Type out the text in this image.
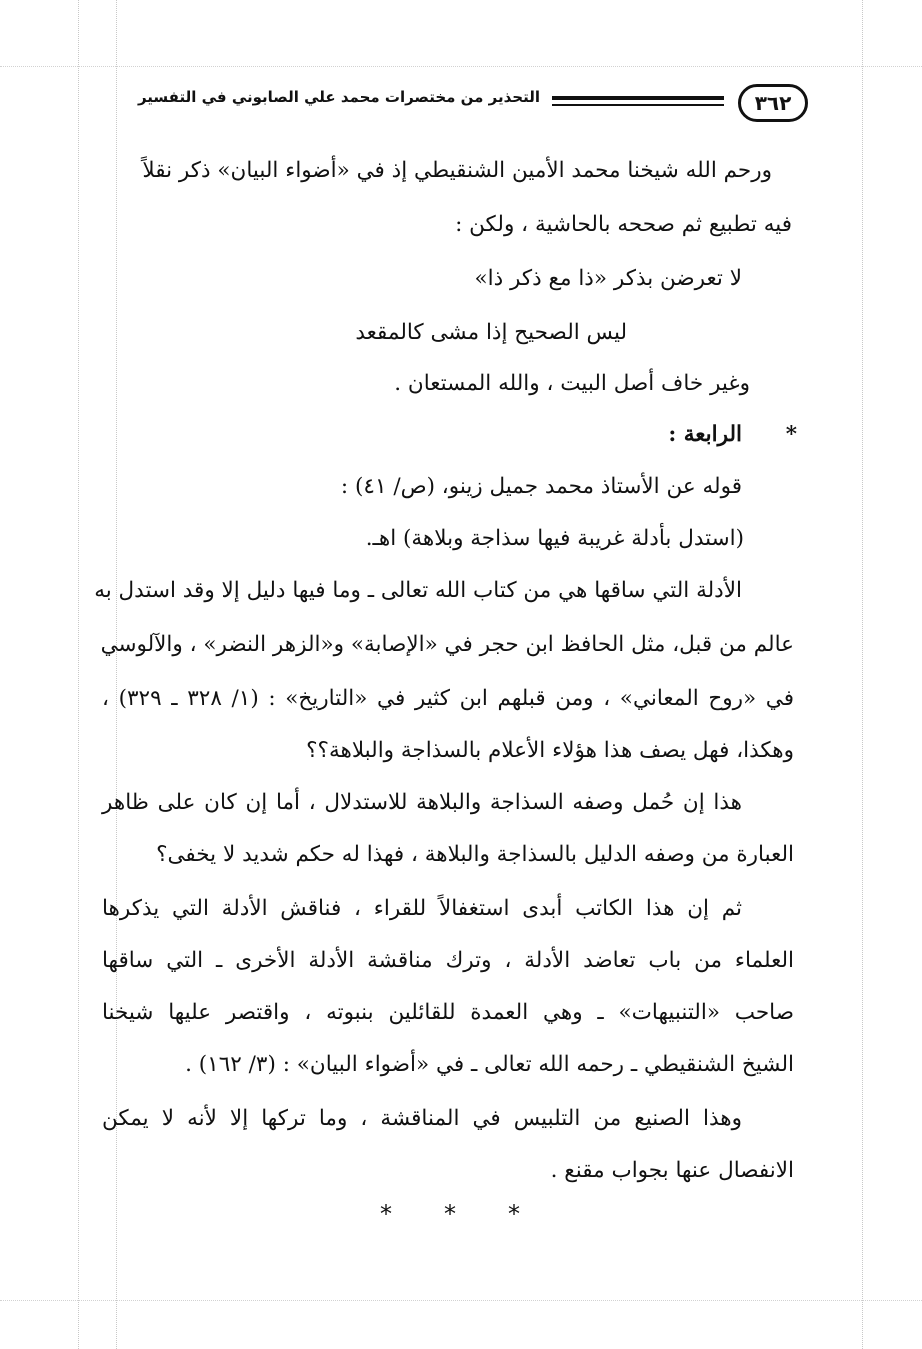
٣٦٢
التحذير من مختصرات محمد علي الصابوني في التفسير
ورحم الله شيخنا محمد الأمين الشنقيطي إذ في «أضواء البيان» ذكر نقلاً
فيه تطبيع ثم صححه بالحاشية ، ولكن :
لا تعرضن بذكر «ذا مع ذكر ذا»
ليس الصحيح إذا مشى كالمقعد
وغير خاف أصل البيت ، والله المستعان .
*
الرابعة :
قوله عن الأستاذ محمد جميل زينو، (ص/ ٤١) :
(استدل بأدلة غريبة فيها سذاجة وبلاهة) اهـ.
الأدلة التي ساقها هي من كتاب الله تعالى ـ وما فيها دليل إلا وقد استدل به
عالم من قبل، مثل الحافظ ابن حجر في «الإصابة» و«الزهر النضر» ، والآلوسي
في «روح المعاني» ، ومن قبلهم ابن كثير في «التاريخ» : (١/ ٣٢٨ ـ ٣٢٩) ،
وهكذا، فهل يصف هذا هؤلاء الأعلام بالسذاجة والبلاهة؟؟
هذا إن حُمل وصفه السذاجة والبلاهة للاستدلال ، أما إن كان على ظاهر
العبارة من وصفه الدليل بالسذاجة والبلاهة ، فهذا له حكم شديد لا يخفى؟
ثم إن هذا الكاتب أبدى استغفالاً للقراء ، فناقش الأدلة التي يذكرها
العلماء من باب تعاضد الأدلة ، وترك مناقشة الأدلة الأخرى ـ التي ساقها
صاحب «التنبيهات» ـ وهي العمدة للقائلين بنبوته ، واقتصر عليها شيخنا
الشيخ الشنقيطي ـ رحمه الله تعالى ـ في «أضواء البيان» : (٣/ ١٦٢) .
وهذا الصنيع من التلبيس في المناقشة ، وما تركها إلا لأنه لا يمكن
الانفصال عنها بجواب مقنع .
* * *
